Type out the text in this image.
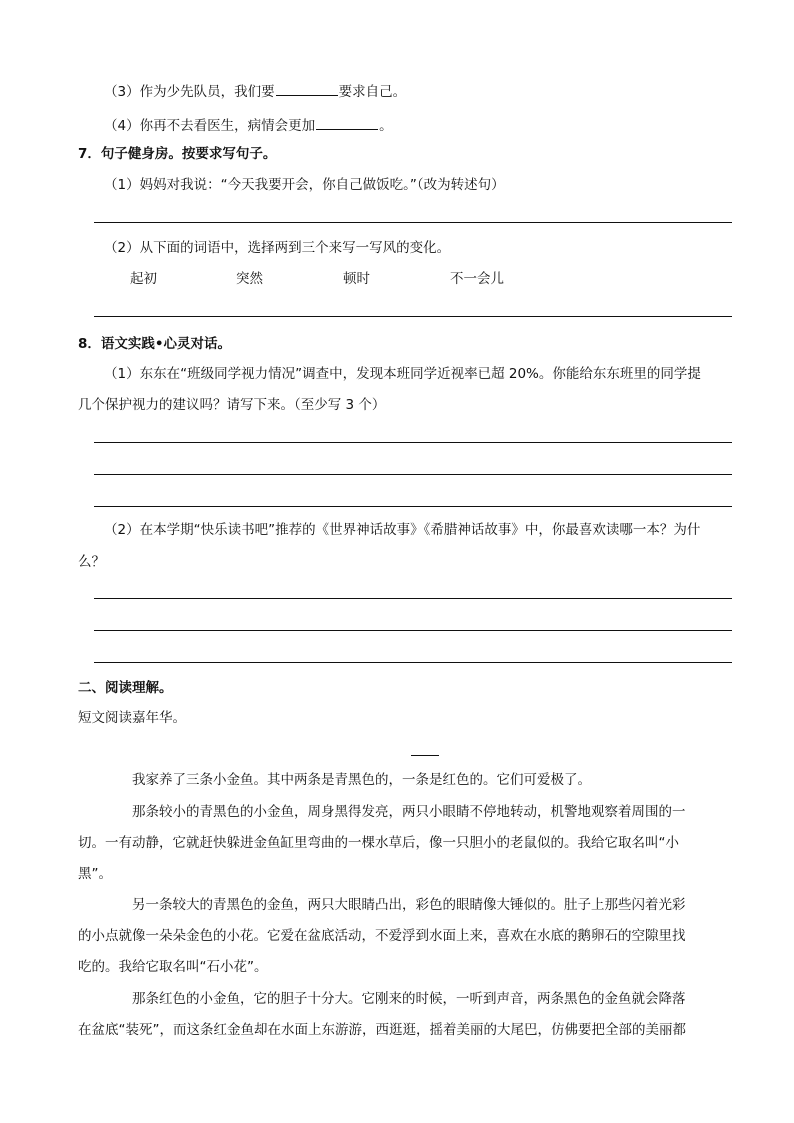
（3）作为少先队员，我们要	要求自己。
（4）你再不去看医生，病情会更加	。
7．句子健身房。按要求写句子。
（1）妈妈对我说：“今天我要开会，你自己做饭吃。”（改为转述句）
（2）从下面的词语中，选择两到三个来写一写风的变化。
起初	突然	顿时	不一会儿
8．语文实践•心灵对话。
（1）东东在“班级同学视力情况”调查中，发现本班同学近视率已超 20%。你能给东东班里的同学提
几个保护视力的建议吗？请写下来。（至少写 3 个）
（2）在本学期“快乐读书吧”推荐的《世界神话故事》《希腊神话故事》中，你最喜欢读哪一本？为什
么？
二、阅读理解。
短文阅读嘉年华。
我家养了三条小金鱼。其中两条是青黑色的，一条是红色的。它们可爱极了。
那条较小的青黑色的小金鱼，周身黑得发亮，两只小眼睛不停地转动，机警地观察着周围的一
切。一有动静，它就赶快躲进金鱼缸里弯曲的一棵水草后，像一只胆小的老鼠似的。我给它取名叫“小
黑”。
另一条较大的青黑色的金鱼，两只大眼睛凸出，彩色的眼睛像大锤似的。肚子上那些闪着光彩
的小点就像一朵朵金色的小花。它爱在盆底活动，不爱浮到水面上来，喜欢在水底的鹅卵石的空隙里找
吃的。我给它取名叫“石小花”。
那条红色的小金鱼，它的胆子十分大。它刚来的时候，一听到声音，两条黑色的金鱼就会降落
在盆底“装死”，而这条红金鱼却在水面上东游游，西逛逛，摇着美丽的大尾巴，仿佛要把全部的美丽都
